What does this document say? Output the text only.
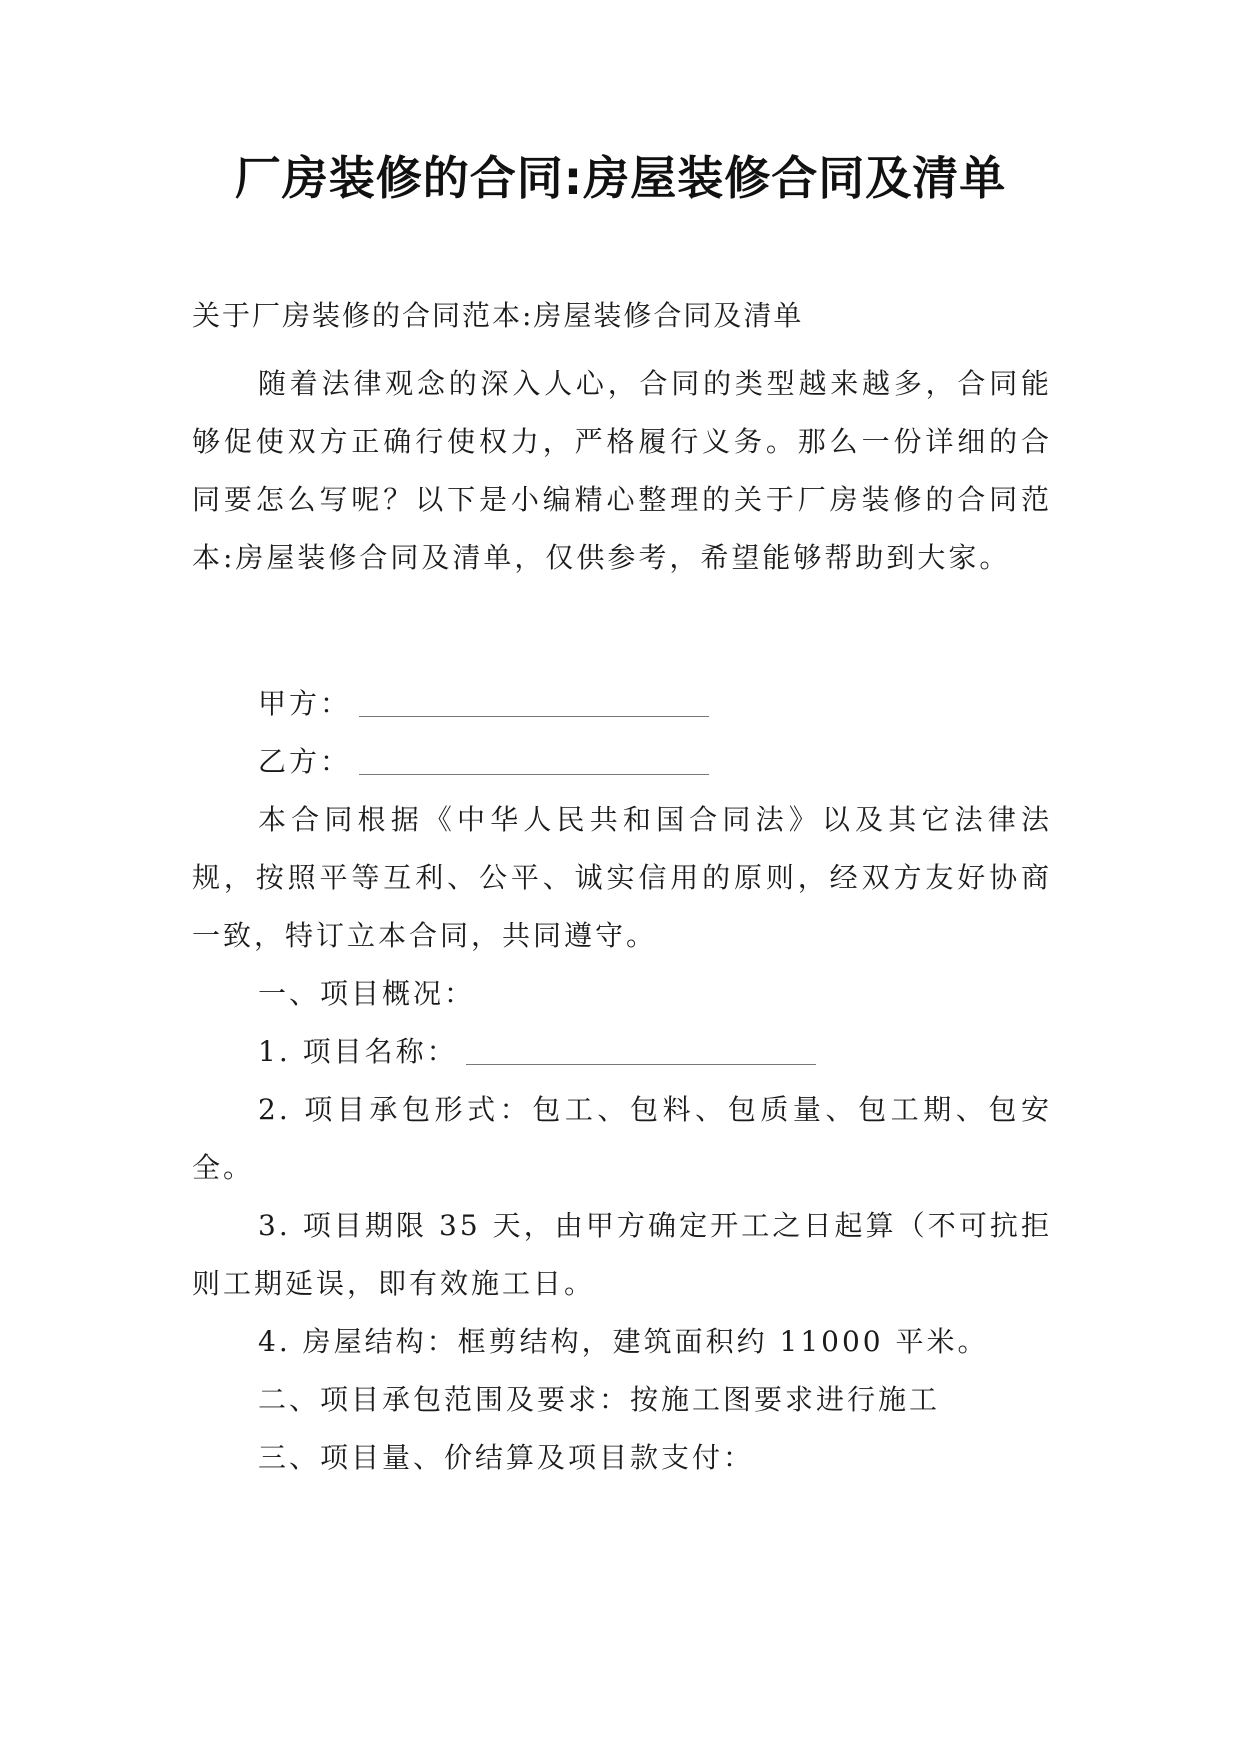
厂房装修的合同:房屋装修合同及清单
关于厂房装修的合同范本:房屋装修合同及清单

随着法律观念的深入人心，合同的类型越来越多，合同能够促使双方正确行使权力，严格履行义务。那么一份详细的合同要怎么写呢？以下是小编精心整理的关于厂房装修的合同范本:房屋装修合同及清单，仅供参考，希望能够帮助到大家。

甲方：

乙方：

本合同根据《中华人民共和国合同法》以及其它法律法规，按照平等互利、公平、诚实信用的原则，经双方友好协商一致，特订立本合同，共同遵守。

一、项目概况：

1. 项目名称：

2. 项目承包形式：包工、包料、包质量、包工期、包安全。

3. 项目期限 35 天，由甲方确定开工之日起算（不可抗拒则工期延误，即有效施工日。

4. 房屋结构：框剪结构，建筑面积约 11000 平米。

二、项目承包范围及要求：按施工图要求进行施工

三、项目量、价结算及项目款支付：
